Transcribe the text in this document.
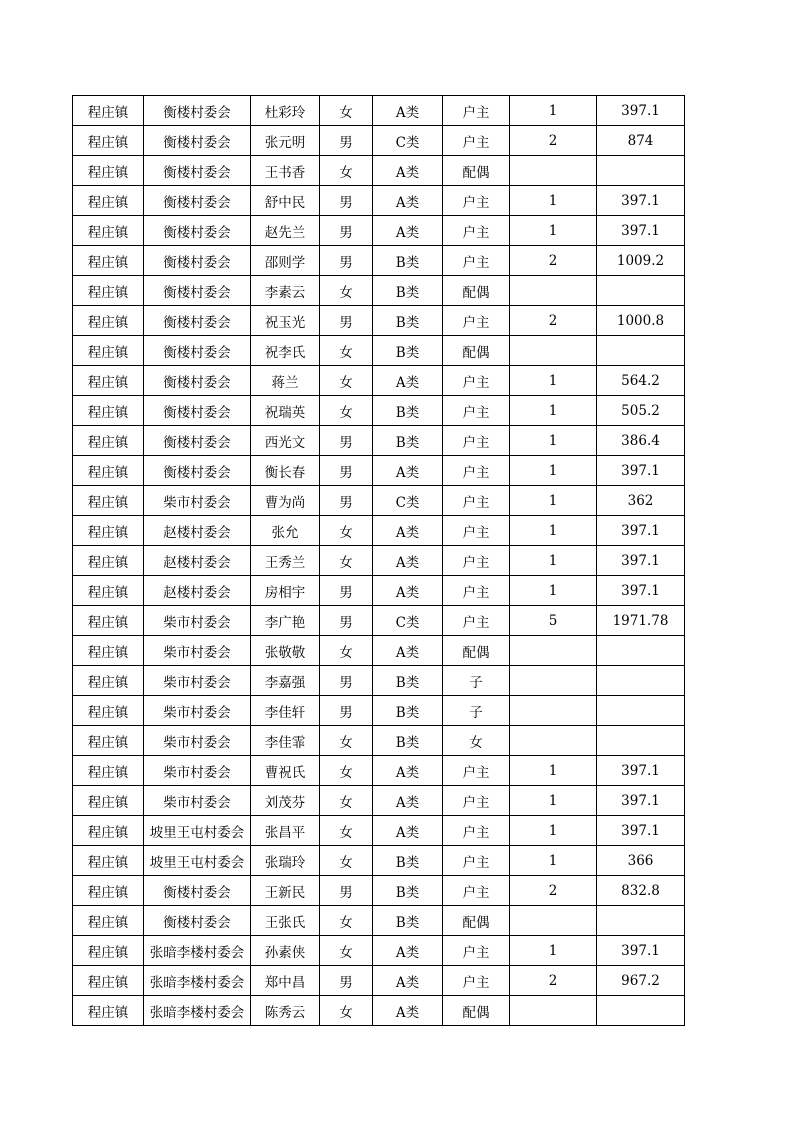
程庄镇	衡楼村委会	杜彩玲	女	A类	户主	1	397.1
程庄镇	衡楼村委会	张元明	男	C类	户主	2	874
程庄镇	衡楼村委会	王书香	女	A类	配偶		
程庄镇	衡楼村委会	舒中民	男	A类	户主	1	397.1
程庄镇	衡楼村委会	赵先兰	男	A类	户主	1	397.1
程庄镇	衡楼村委会	邵则学	男	B类	户主	2	1009.2
程庄镇	衡楼村委会	李素云	女	B类	配偶		
程庄镇	衡楼村委会	祝玉光	男	B类	户主	2	1000.8
程庄镇	衡楼村委会	祝李氏	女	B类	配偶		
程庄镇	衡楼村委会	蒋兰	女	A类	户主	1	564.2
程庄镇	衡楼村委会	祝瑞英	女	B类	户主	1	505.2
程庄镇	衡楼村委会	西光文	男	B类	户主	1	386.4
程庄镇	衡楼村委会	衡长春	男	A类	户主	1	397.1
程庄镇	柴市村委会	曹为尚	男	C类	户主	1	362
程庄镇	赵楼村委会	张允	女	A类	户主	1	397.1
程庄镇	赵楼村委会	王秀兰	女	A类	户主	1	397.1
程庄镇	赵楼村委会	房相宇	男	A类	户主	1	397.1
程庄镇	柴市村委会	李广艳	男	C类	户主	5	1971.78
程庄镇	柴市村委会	张敬敬	女	A类	配偶		
程庄镇	柴市村委会	李嘉强	男	B类	子		
程庄镇	柴市村委会	李佳轩	男	B类	子		
程庄镇	柴市村委会	李佳霏	女	B类	女		
程庄镇	柴市村委会	曹祝氏	女	A类	户主	1	397.1
程庄镇	柴市村委会	刘茂芬	女	A类	户主	1	397.1
程庄镇	坡里王屯村委会	张昌平	女	A类	户主	1	397.1
程庄镇	坡里王屯村委会	张瑞玲	女	B类	户主	1	366
程庄镇	衡楼村委会	王新民	男	B类	户主	2	832.8
程庄镇	衡楼村委会	王张氏	女	B类	配偶		
程庄镇	张暗李楼村委会	孙素侠	女	A类	户主	1	397.1
程庄镇	张暗李楼村委会	郑中昌	男	A类	户主	2	967.2
程庄镇	张暗李楼村委会	陈秀云	女	A类	配偶		
